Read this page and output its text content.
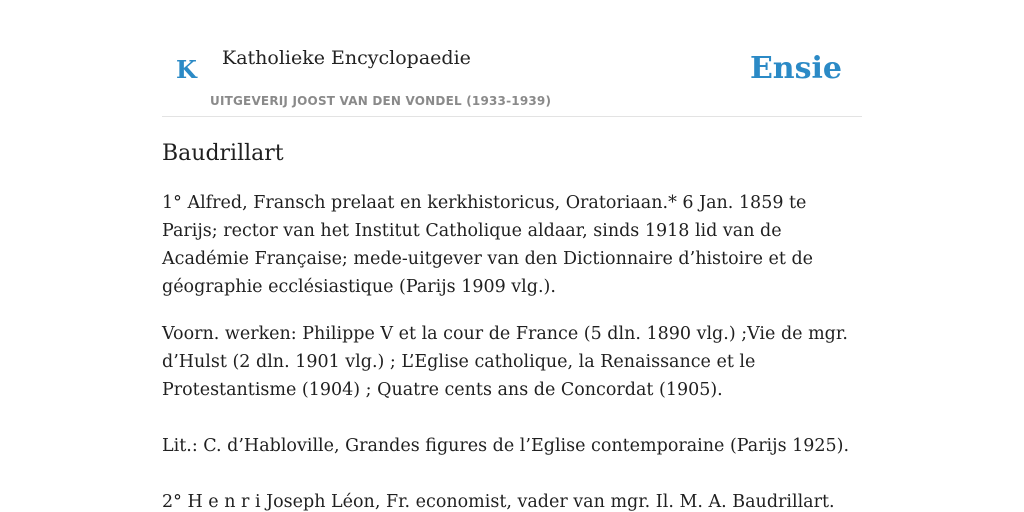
K Katholieke Encyclopaedie
UITGEVERIJ JOOST VAN DEN VONDEL (1933-1939)
Ensie
Baudrillart

1° Alfred, Fransch prelaat en kerkhistoricus, Oratoriaan.* 6 Jan. 1859 te Parijs; rector van het Institut Catholique aldaar, sinds 1918 lid van de Académie Française; mede-uitgever van den Dictionnaire d’histoire et de géographie ecclésiastique (Parijs 1909 vlg.).

Voorn. werken: Philippe V et la cour de France (5 dln. 1890 vlg.) ;Vie de mgr. d’Hulst (2 dln. 1901 vlg.) ; L’Eglise catholique, la Renaissance et le Protestantisme (1904) ; Quatre cents ans de Concordat (1905).

Lit.: C. d’Habloville, Grandes figures de l’Eglise contemporaine (Parijs 1925).

2° H e n r i Joseph Léon, Fr. economist, vader van mgr. Il. M. A. Baudrillart.
